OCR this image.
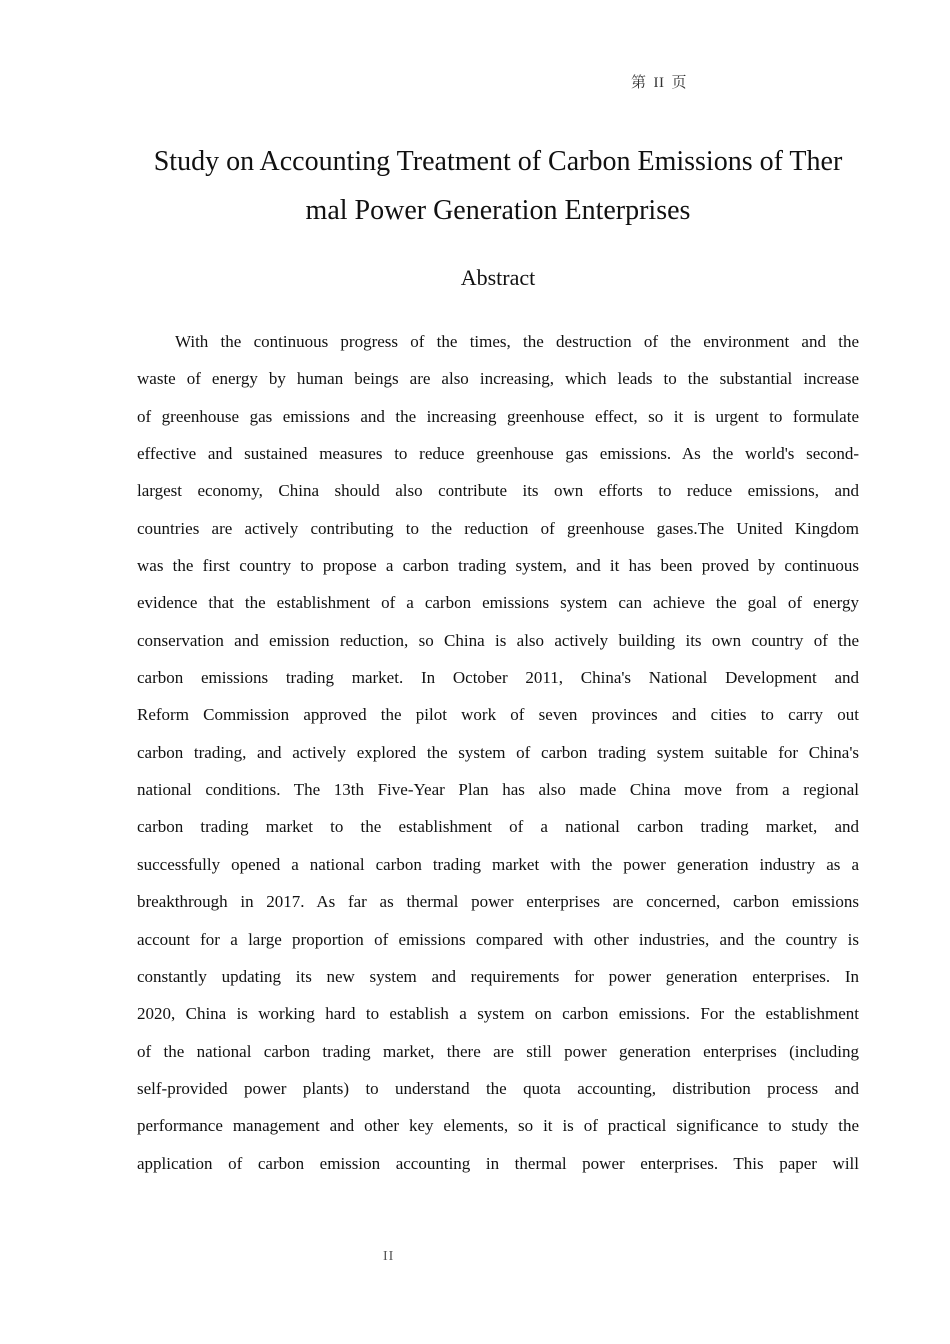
第 II 页
Study on Accounting Treatment of Carbon Emissions of Ther
mal Power Generation Enterprises
Abstract
With the continuous progress of the times, the destruction of the environment and the
waste of energy by human beings are also increasing, which leads to the substantial increase
of greenhouse gas emissions and the increasing greenhouse effect, so it is urgent to formulate
effective and sustained measures to reduce greenhouse gas emissions. As the world's second-
largest economy, China should also contribute its own efforts to reduce emissions, and
countries are actively contributing to the reduction of greenhouse gases.The United Kingdom
was the first country to propose a carbon trading system, and it has been proved by continuous
evidence that the establishment of a carbon emissions system can achieve the goal of energy
conservation and emission reduction, so China is also actively building its own country of the
carbon emissions trading market. In October 2011, China's National Development and
Reform Commission approved the pilot work of seven provinces and cities to carry out
carbon trading, and actively explored the system of carbon trading system suitable for China's
national conditions. The 13th Five-Year Plan has also made China move from a regional
carbon trading market to the establishment of a national carbon trading market, and
successfully opened a national carbon trading market with the power generation industry as a
breakthrough in 2017. As far as thermal power enterprises are concerned, carbon emissions
account for a large proportion of emissions compared with other industries, and the country is
constantly updating its new system and requirements for power generation enterprises. In
2020, China is working hard to establish a system on carbon emissions. For the establishment
of the national carbon trading market, there are still power generation enterprises (including
self-provided power plants) to understand the quota accounting, distribution process and
performance management and other key elements, so it is of practical significance to study the
application of carbon emission accounting in thermal power enterprises. This paper will
II
